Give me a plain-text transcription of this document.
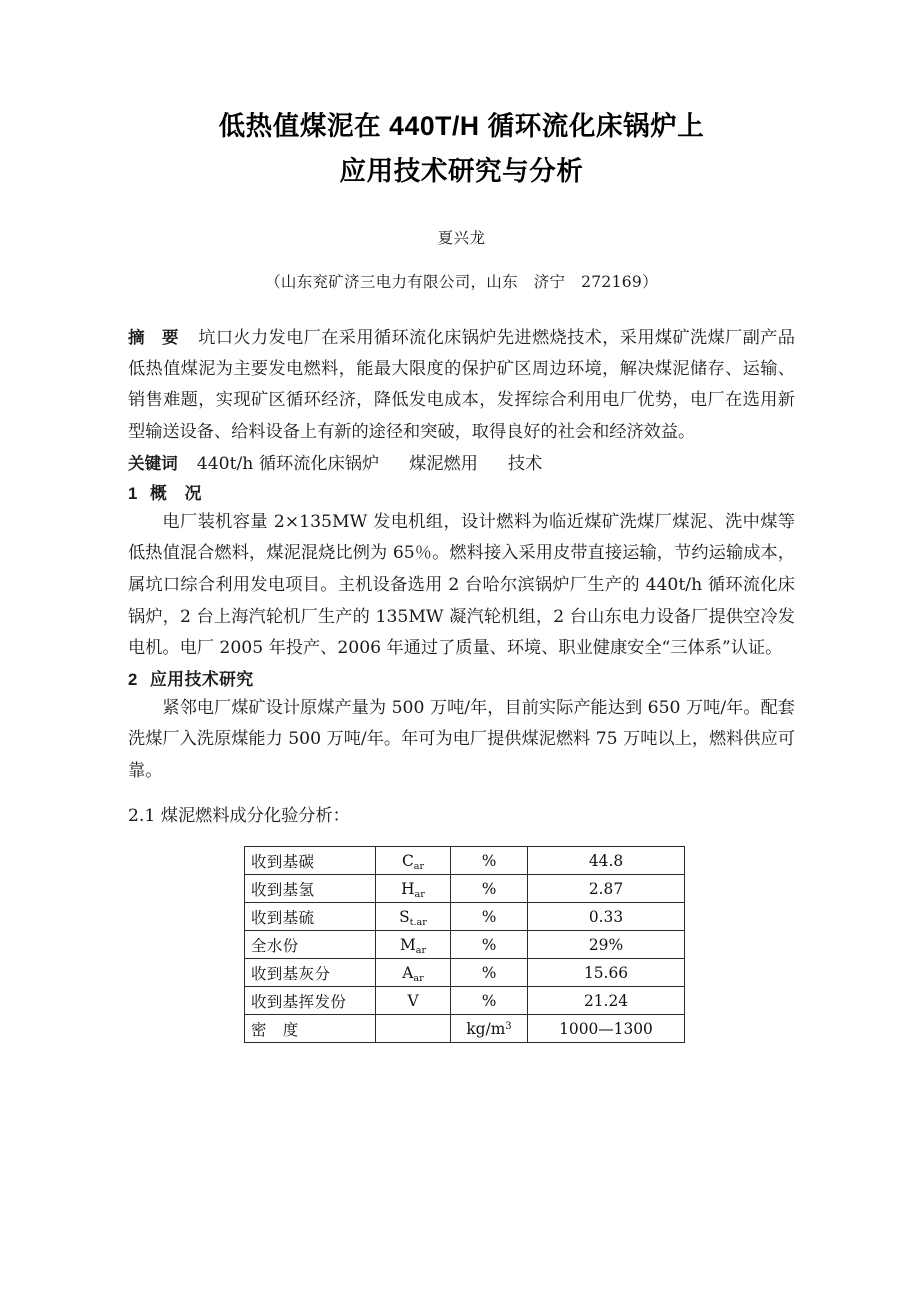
低热值煤泥在 440T/H 循环流化床锅炉上
应用技术研究与分析
夏兴龙
（山东兖矿济三电力有限公司，山东　济宁　272169）
摘　要 坑口火力发电厂在采用循环流化床锅炉先进燃烧技术，采用煤矿洗煤厂副产品低热值煤泥为主要发电燃料，能最大限度的保护矿区周边环境，解决煤泥储存、运输、销售难题，实现矿区循环经济，降低发电成本，发挥综合利用电厂优势，电厂在选用新型输送设备、给料设备上有新的途径和突破，取得良好的社会和经济效益。
关键词 440t/h 循环流化床锅炉 煤泥燃用 技术
1 概　况
电厂装机容量 2×135MW 发电机组，设计燃料为临近煤矿洗煤厂煤泥、洗中煤等低热值混合燃料，煤泥混烧比例为 65％。燃料接入采用皮带直接运输，节约运输成本，属坑口综合利用发电项目。主机设备选用 2 台哈尔滨锅炉厂生产的 440t/h 循环流化床锅炉，2 台上海汽轮机厂生产的 135MW 凝汽轮机组，2 台山东电力设备厂提供空冷发电机。电厂 2005 年投产、2006 年通过了质量、环境、职业健康安全“三体系”认证。
2 应用技术研究
紧邻电厂煤矿设计原煤产量为 500 万吨/年，目前实际产能达到 650 万吨/年。配套洗煤厂入洗原煤能力 500 万吨/年。年可为电厂提供煤泥燃料 75 万吨以上，燃料供应可靠。
2.1 煤泥燃料成分化验分析：
收到基碳	$C_{ar}$	%	44.8
收到基氢	$H_{ar}$	%	2.87
收到基硫	$S_{t.ar}$	%	0.33
全水份	$M_{ar}$	%	29%
收到基灰分	$A_{ar}$	%	15.66
收到基挥发份	V	%	21.24
密　度		$kg/m^3$	1000—1300
